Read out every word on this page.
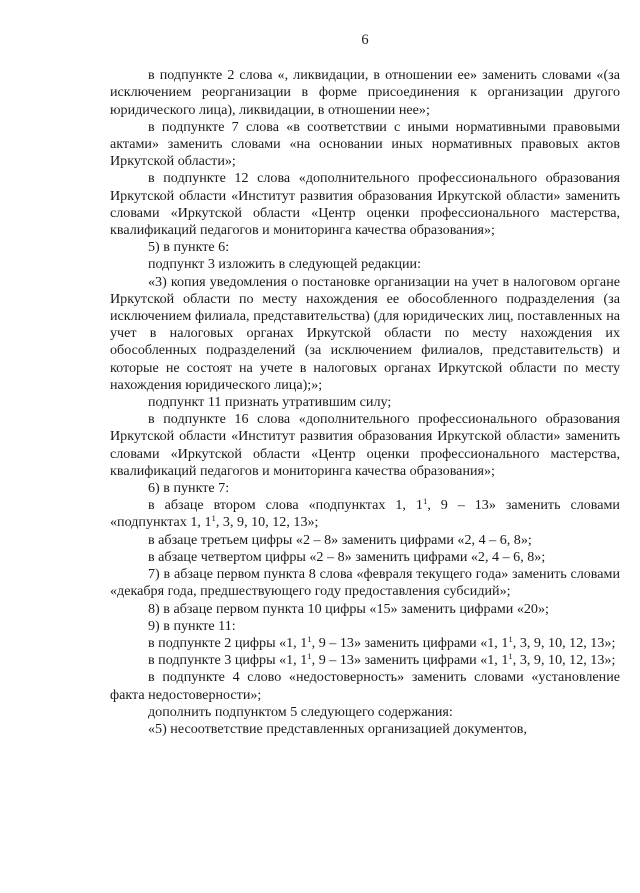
6

в подпункте 2 слова «, ликвидации, в отношении ее» заменить словами «(за исключением реорганизации в форме присоединения к организации другого юридического лица), ликвидации, в отношении нее»;

в подпункте 7 слова «в соответствии с иными нормативными правовыми актами» заменить словами «на основании иных нормативных правовых актов Иркутской области»;

в подпункте 12 слова «дополнительного профессионального образования Иркутской области «Институт развития образования Иркутской области» заменить словами «Иркутской области «Центр оценки профессионального мастерства, квалификаций педагогов и мониторинга качества образования»;

5) в пункте 6:

подпункт 3 изложить в следующей редакции:

«3) копия уведомления о постановке организации на учет в налоговом органе Иркутской области по месту нахождения ее обособленного подразделения (за исключением филиала, представительства) (для юридических лиц, поставленных на учет в налоговых органах Иркутской области по месту нахождения их обособленных подразделений (за исключением филиалов, представительств) и которые не состоят на учете в налоговых органах Иркутской области по месту нахождения юридического лица);»;

подпункт 11 признать утратившим силу;

в подпункте 16 слова «дополнительного профессионального образования Иркутской области «Институт развития образования Иркутской области» заменить словами «Иркутской области «Центр оценки профессионального мастерства, квалификаций педагогов и мониторинга качества образования»;

6) в пункте 7:

в абзаце втором слова «подпунктах 1, $1^1$, 9 – 13» заменить словами «подпунктах 1, $1^1$, 3, 9, 10, 12, 13»;

в абзаце третьем цифры «2 – 8» заменить цифрами «2, 4 – 6, 8»;

в абзаце четвертом цифры «2 – 8» заменить цифрами «2, 4 – 6, 8»;

7) в абзаце первом пункта 8 слова «февраля текущего года» заменить словами «декабря года, предшествующего году предоставления субсидий»;

8) в абзаце первом пункта 10 цифры «15» заменить цифрами «20»;

9) в пункте 11:

в подпункте 2 цифры «1, $1^1$, 9 – 13» заменить цифрами «1, $1^1$, 3, 9, 10, 12, 13»;

в подпункте 3 цифры «1, $1^1$, 9 – 13» заменить цифрами «1, $1^1$, 3, 9, 10, 12, 13»;

в подпункте 4 слово «недостоверность» заменить словами «установление факта недостоверности»;

дополнить подпунктом 5 следующего содержания:

«5) несоответствие представленных организацией документов,
